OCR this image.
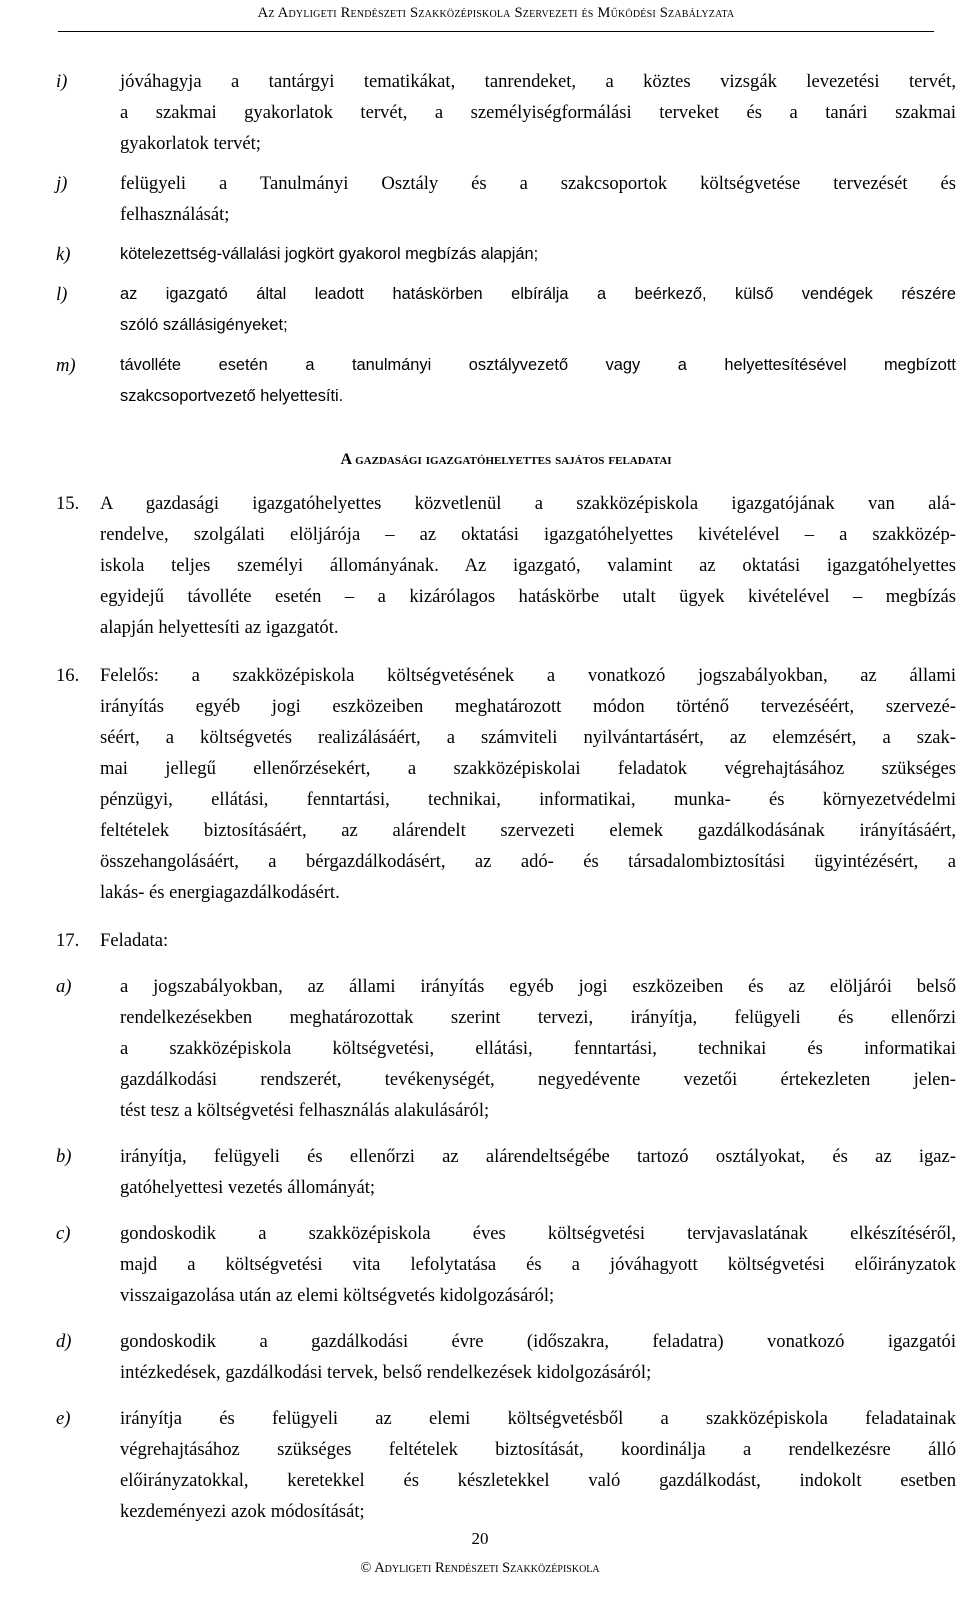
Az Adyligeti Rendészeti Szakközépiskola Szervezeti és Működési Szabályzata
i)	jóváhagyja a tantárgyi tematikákat, tanrendeket, a köztes vizsgák levezetési tervét,
a szakmai gyakorlatok tervét, a személyiségformálási terveket és a tanári szakmai
gyakorlatok tervét;
j)	felügyeli a Tanulmányi Osztály és a szakcsoportok költségvetése tervezését és
felhasználását;
k)	kötelezettség-vállalási jogkört gyakorol megbízás alapján;
l)	az igazgató által leadott hatáskörben elbírálja a beérkező, külső vendégek részére
szóló szállásigényeket;
m)	távolléte esetén a tanulmányi osztályvezető vagy a helyettesítésével megbízott
szakcsoportvezető helyettesíti.
A gazdasági igazgatóhelyettes sajátos feladatai
15.	A gazdasági igazgatóhelyettes közvetlenül a szakközépiskola igazgatójának van alá-
rendelve, szolgálati elöljárója – az oktatási igazgatóhelyettes kivételével – a szakközép-
iskola teljes személyi állományának. Az igazgató, valamint az oktatási igazgatóhelyettes
egyidejű távolléte esetén – a kizárólagos hatáskörbe utalt ügyek kivételével – megbízás
alapján helyettesíti az igazgatót.
16.	Felelős: a szakközépiskola költségvetésének a vonatkozó jogszabályokban, az állami
irányítás egyéb jogi eszközeiben meghatározott módon történő tervezéséért, szervezé-
séért, a költségvetés realizálásáért, a számviteli nyilvántartásért, az elemzésért, a szak-
mai jellegű ellenőrzésekért, a szakközépiskolai feladatok végrehajtásához szükséges
pénzügyi, ellátási, fenntartási, technikai, informatikai, munka- és környezetvédelmi
feltételek biztosításáért, az alárendelt szervezeti elemek gazdálkodásának irányításáért,
összehangolásáért, a bérgazdálkodásért, az adó- és társadalombiztosítási ügyintézésért, a
lakás- és energiagazdálkodásért.
17.	Feladata:
a)	a jogszabályokban, az állami irányítás egyéb jogi eszközeiben és az elöljárói belső
rendelkezésekben meghatározottak szerint tervezi, irányítja, felügyeli és ellenőrzi
a szakközépiskola költségvetési, ellátási, fenntartási, technikai és informatikai
gazdálkodási rendszerét, tevékenységét, negyedévente vezetői értekezleten jelen-
tést tesz a költségvetési felhasználás alakulásáról;
b)	irányítja, felügyeli és ellenőrzi az alárendeltségébe tartozó osztályokat, és az igaz-
gatóhelyettesi vezetés állományát;
c)	gondoskodik a szakközépiskola éves költségvetési tervjavaslatának elkészítéséről,
majd a költségvetési vita lefolytatása és a jóváhagyott költségvetési előirányzatok
visszaigazolása után az elemi költségvetés kidolgozásáról;
d)	gondoskodik a gazdálkodási évre (időszakra, feladatra) vonatkozó igazgatói
intézkedések, gazdálkodási tervek, belső rendelkezések kidolgozásáról;
e)	irányítja és felügyeli az elemi költségvetésből a szakközépiskola feladatainak
végrehajtásához szükséges feltételek biztosítását, koordinálja a rendelkezésre álló
előirányzatokkal, keretekkel és készletekkel való gazdálkodást, indokolt esetben
kezdeményezi azok módosítását;
20
© Adyligeti Rendészeti Szakközépiskola
